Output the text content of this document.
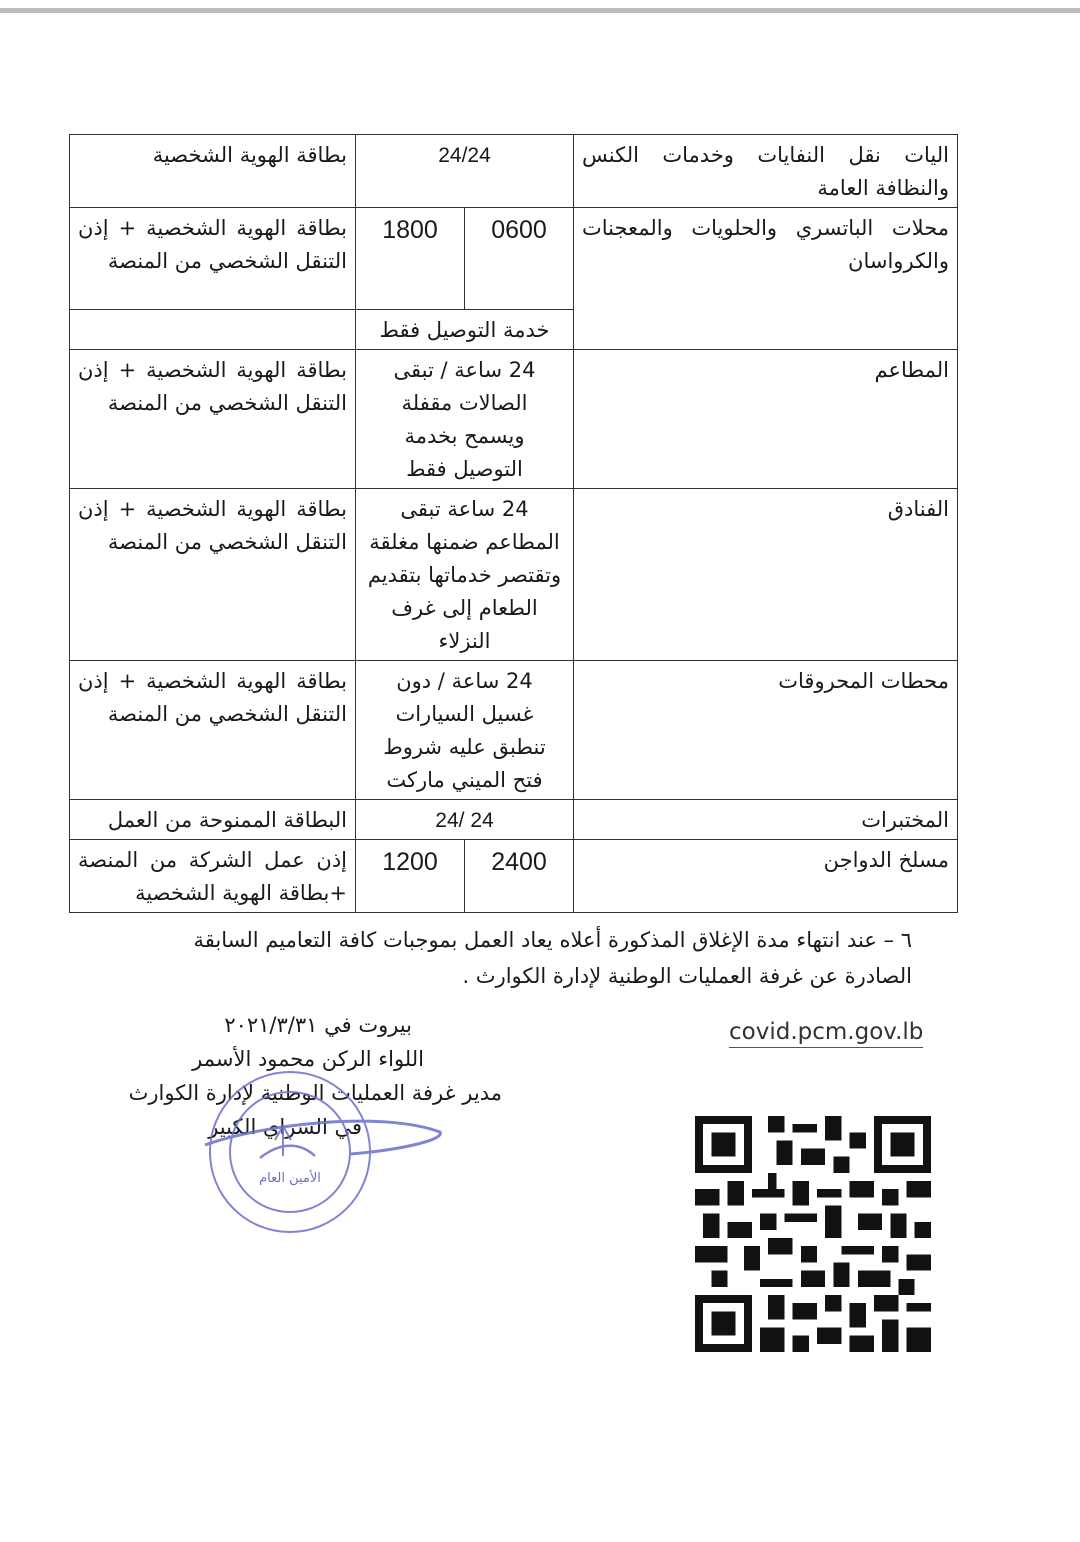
اليات نقل النفايات وخدمات الكنس والنظافة العامة	24/24		بطاقة الهوية الشخصية
محلات الباتسري والحلويات والمعجنات والكرواسان	0600	1800	بطاقة الهوية الشخصية + إذن التنقل الشخصي من المنصة
	خدمة التوصيل فقط		
المطاعم	24 ساعة / تبقى الصالات مقفلة ويسمح بخدمة التوصيل فقط		بطاقة الهوية الشخصية + إذن التنقل الشخصي من المنصة
الفنادق	24 ساعة تبقى المطاعم ضمنها مغلقة وتقتصر خدماتها بتقديم الطعام إلى غرف النزلاء		بطاقة الهوية الشخصية + إذن التنقل الشخصي من المنصة
محطات المحروقات	24 ساعة / دون غسيل السيارات تنطبق عليه شروط فتح الميني ماركت		بطاقة الهوية الشخصية + إذن التنقل الشخصي من المنصة
المختبرات	24 /24		البطاقة الممنوحة من العمل
مسلخ الدواجن	2400	1200	إذن عمل الشركة من المنصة +بطاقة الهوية الشخصية
٦ – عند انتهاء مدة الإغلاق المذكورة أعلاه يعاد العمل بموجبات كافة التعاميم السابقة
الصادرة عن غرفة العمليات الوطنية لإدارة الكوارث .
بيروت في ٢٠٢١/٣/٣١
اللواء الركن محمود الأسمر
مدير غرفة العمليات الوطنية لإدارة الكوارث
في السراي الكبير
covid.pcm.gov.lb
الأمين العام
